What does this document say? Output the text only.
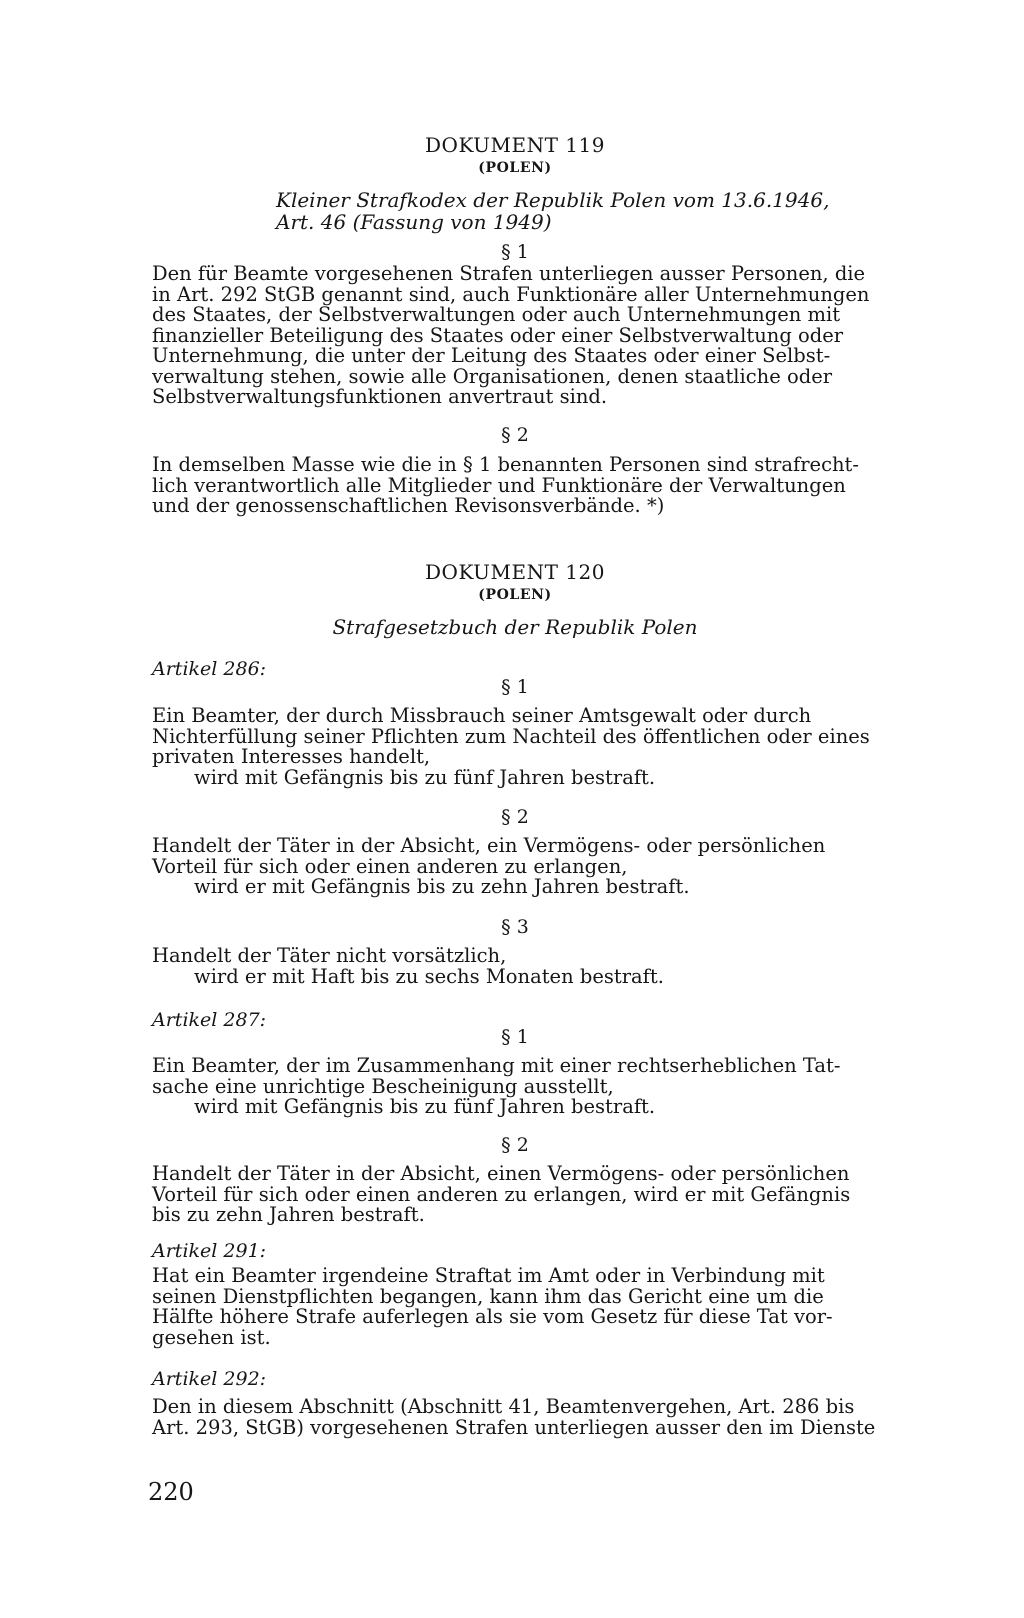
DOKUMENT 119
(POLEN)
Kleiner Strafkodex der Republik Polen vom 13.6.1946,
Art. 46 (Fassung von 1949)
§ 1
Den für Beamte vorgesehenen Strafen unterliegen ausser Personen, die
in Art. 292 StGB genannt sind, auch Funktionäre aller Unternehmungen
des Staates, der Selbstverwaltungen oder auch Unternehmungen mit
finanzieller Beteiligung des Staates oder einer Selbstverwaltung oder
Unternehmung, die unter der Leitung des Staates oder einer Selbst-
verwaltung stehen, sowie alle Organisationen, denen staatliche oder
Selbstverwaltungsfunktionen anvertraut sind.
§ 2
In demselben Masse wie die in § 1 benannten Personen sind strafrecht-
lich verantwortlich alle Mitglieder und Funktionäre der Verwaltungen
und der genossenschaftlichen Revisonsverbände. *)
DOKUMENT 120
(POLEN)
Strafgesetzbuch der Republik Polen
Artikel 286:
§ 1
Ein Beamter, der durch Missbrauch seiner Amtsgewalt oder durch
Nichterfüllung seiner Pflichten zum Nachteil des öffentlichen oder eines
privaten Interesses handelt,
wird mit Gefängnis bis zu fünf Jahren bestraft.
§ 2
Handelt der Täter in der Absicht, ein Vermögens- oder persönlichen
Vorteil für sich oder einen anderen zu erlangen,
wird er mit Gefängnis bis zu zehn Jahren bestraft.
§ 3
Handelt der Täter nicht vorsätzlich,
wird er mit Haft bis zu sechs Monaten bestraft.
Artikel 287:
§ 1
Ein Beamter, der im Zusammenhang mit einer rechtserheblichen Tat-
sache eine unrichtige Bescheinigung ausstellt,
wird mit Gefängnis bis zu fünf Jahren bestraft.
§ 2
Handelt der Täter in der Absicht, einen Vermögens- oder persönlichen
Vorteil für sich oder einen anderen zu erlangen, wird er mit Gefängnis
bis zu zehn Jahren bestraft.
Artikel 291:
Hat ein Beamter irgendeine Straftat im Amt oder in Verbindung mit
seinen Dienstpflichten begangen, kann ihm das Gericht eine um die
Hälfte höhere Strafe auferlegen als sie vom Gesetz für diese Tat vor-
gesehen ist.
Artikel 292:
Den in diesem Abschnitt (Abschnitt 41, Beamtenvergehen, Art. 286 bis
Art. 293, StGB) vorgesehenen Strafen unterliegen ausser den im Dienste
220
